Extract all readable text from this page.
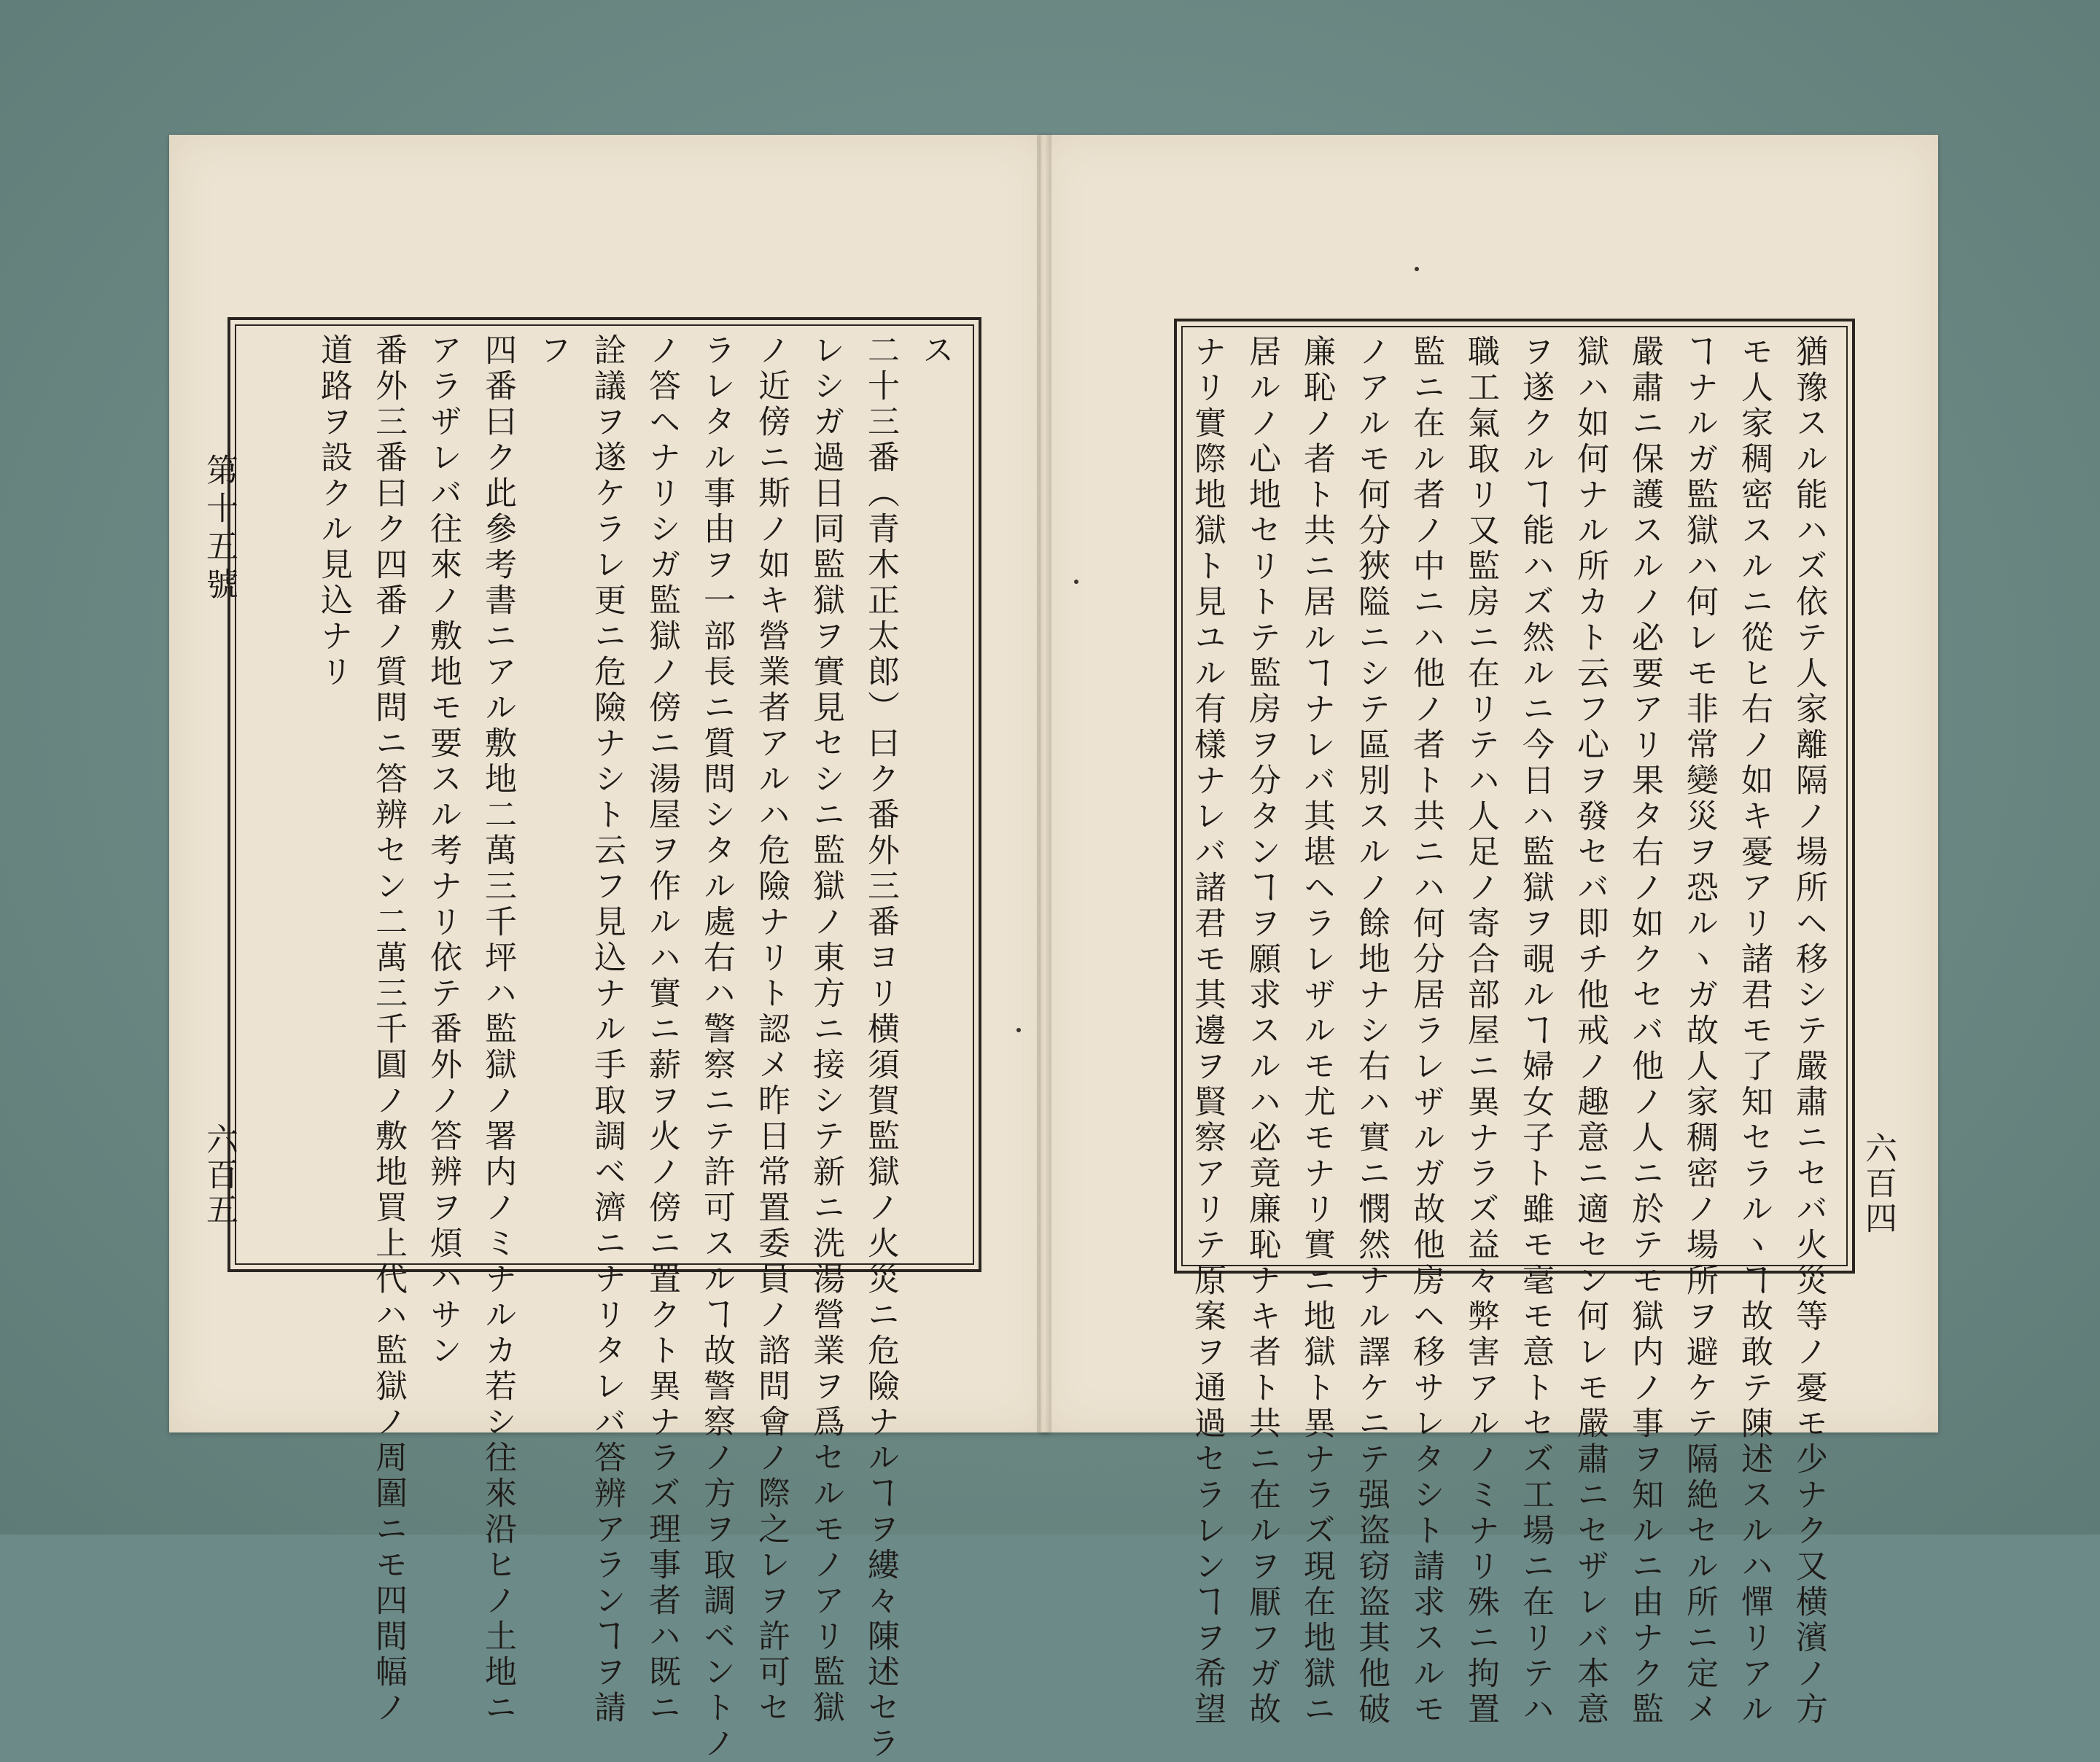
ス
二十三番（青木正太郎）曰ク番外三番ヨリ横須賀監獄ノ火災ニ危險ナルヿヲ縷々陳述セラ
レシガ過日同監獄ヲ實見セシニ監獄ノ東方ニ接シテ新ニ洗湯營業ヲ爲セルモノアリ監獄
ノ近傍ニ斯ノ如キ營業者アルハ危險ナリト認メ昨日常置委員ノ諮問會ノ際之レヲ許可セ
ラレタル事由ヲ一部長ニ質問シタル處右ハ警察ニテ許可スルヿ故警察ノ方ヲ取調ベントノ
ノ答ヘナリシガ監獄ノ傍ニ湯屋ヲ作ルハ實ニ薪ヲ火ノ傍ニ置クト異ナラズ理事者ハ既ニ
詮議ヲ遂ケラレ更ニ危險ナシト云フ見込ナル手取調ベ濟ニナリタレバ答辨アランヿヲ請
フ
四番曰ク此參考書ニアル敷地二萬三千坪ハ監獄ノ署内ノミナルカ若シ往來沿ヒノ土地ニ
アラザレバ往來ノ敷地モ要スル考ナリ依テ番外ノ答辨ヲ煩ハサン
番外三番曰ク四番ノ質問ニ答辨セン二萬三千圓ノ敷地買上代ハ監獄ノ周圍ニモ四間幅ノ
道路ヲ設クル見込ナリ	猶豫スル能ハズ依テ人家離隔ノ場所ヘ移シテ嚴肅ニセバ火災等ノ憂モ少ナク又横濱ノ方
モ人家稠密スルニ從ヒ右ノ如キ憂アリ諸君モ了知セラルヽヿ故敢テ陳述スルハ憚リアル
ヿナルガ監獄ハ何レモ非常變災ヲ恐ルヽガ故人家稠密ノ場所ヲ避ケテ隔絶セル所ニ定メ
嚴肅ニ保護スルノ必要アリ果タ右ノ如クセバ他ノ人ニ於テモ獄内ノ事ヲ知ルニ由ナク監
獄ハ如何ナル所カト云フ心ヲ發セバ即チ他戒ノ趣意ニ適セン何レモ嚴肅ニセザレバ本意
ヲ遂クルヿ能ハズ然ルニ今日ハ監獄ヲ覗ルヿ婦女子ト雖モ毫モ意トセズ工場ニ在リテハ
職工氣取リ又監房ニ在リテハ人足ノ寄合部屋ニ異ナラズ益々弊害アルノミナリ殊ニ拘置
監ニ在ル者ノ中ニハ他ノ者ト共ニハ何分居ラレザルガ故他房ヘ移サレタシト請求スルモ
ノアルモ何分狹隘ニシテ區別スルノ餘地ナシ右ハ實ニ憫然ナル譯ケニテ强盗窃盗其他破
廉恥ノ者ト共ニ居ルヿナレバ其堪ヘラレザルモ尤モナリ實ニ地獄ト異ナラズ現在地獄ニ
居ルノ心地セリトテ監房ヲ分タンヿヲ願求スルハ必竟廉恥ナキ者ト共ニ在ルヲ厭フガ故
ナリ實際地獄ト見ユル有樣ナレバ諸君モ其邊ヲ賢察アリテ原案ヲ通過セラレンヿヲ希望
第十五號
六百五	六百四
